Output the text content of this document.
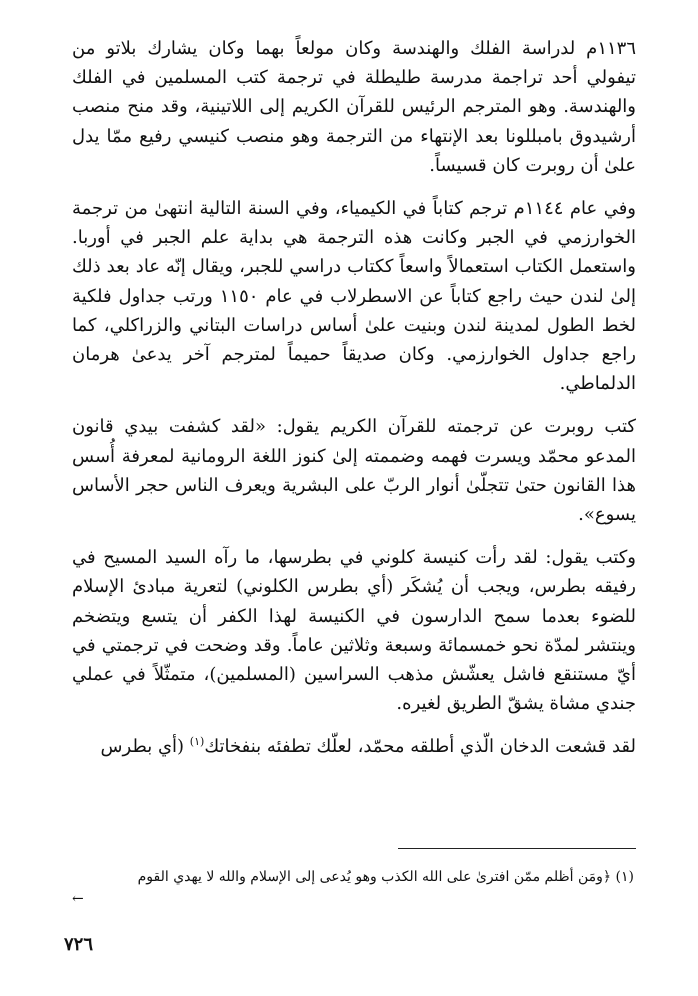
١١٣٦م لدراسة الفلك والهندسة وكان مولعاً بهما وكان يشارك بلاتو من تيفولي أحد تراجمة مدرسة طليطلة في ترجمة كتب المسلمين في الفلك والهندسة. وهو المترجم الرئيس للقرآن الكريم إلى اللاتينية، وقد منح منصب أرشيدوق بامبللونا بعد الإنتهاء من الترجمة وهو منصب كنيسي رفيع ممّا يدل علىٰ أن روبرت كان قسيساً.

وفي عام ١١٤٤م ترجم كتاباً في الكيمياء، وفي السنة التالية انتهىٰ من ترجمة الخوارزمي في الجبر وكانت هذه الترجمة هي بداية علم الجبر في أوربا. واستعمل الكتاب استعمالاً واسعاً ككتاب دراسي للجبر، ويقال إنّه عاد بعد ذلك إلىٰ لندن حيث راجع كتاباً عن الاسطرلاب في عام ١١٥٠ ورتب جداول فلكية لخط الطول لمدينة لندن وبنيت علىٰ أساس دراسات البتاني والزراكلي، كما راجع جداول الخوارزمي. وكان صديقاً حميماً لمترجم آخر يدعىٰ هرمان الدلماطي.

كتب روبرت عن ترجمته للقرآن الكريم يقول: «لقد كشفت بيدي قانون المدعو محمّد ويسرت فهمه وضممته إلىٰ كنوز اللغة الرومانية لمعرفة أُسس هذا القانون حتىٰ تتجلّىٰ أنوار الربّ على البشرية ويعرف الناس حجر الأساس يسوع».

وكتب يقول: لقد رأت كنيسة كلوني في بطرسها، ما رآه السيد المسيح في رفيقه بطرس، ويجب أن يُشكَر (أي بطرس الكلوني) لتعرية مبادئ الإسلام للضوء بعدما سمح الدارسون في الكنيسة لهذا الكفر أن يتسع ويتضخم وينتشر لمدّة نحو خمسمائة وسبعة وثلاثين عاماً. وقد وضحت في ترجمتي في أيّ مستنقع فاشل يعشّش مذهب السراسين (المسلمين)، متمثّلاً في عملي جندي مشاة يشقّ الطريق لغيره.

لقد قشعت الدخان الّذي أطلقه محمّد، لعلّك تطفئه بنفخاتك$^{(١)}$ (أي بطرس

(١) ﴿ومَن أظلم ممّن افترىٰ على الله الكذب وهو يُدعى إلى الإسلام والله لا يهدي القوم
←
٧٢٦
